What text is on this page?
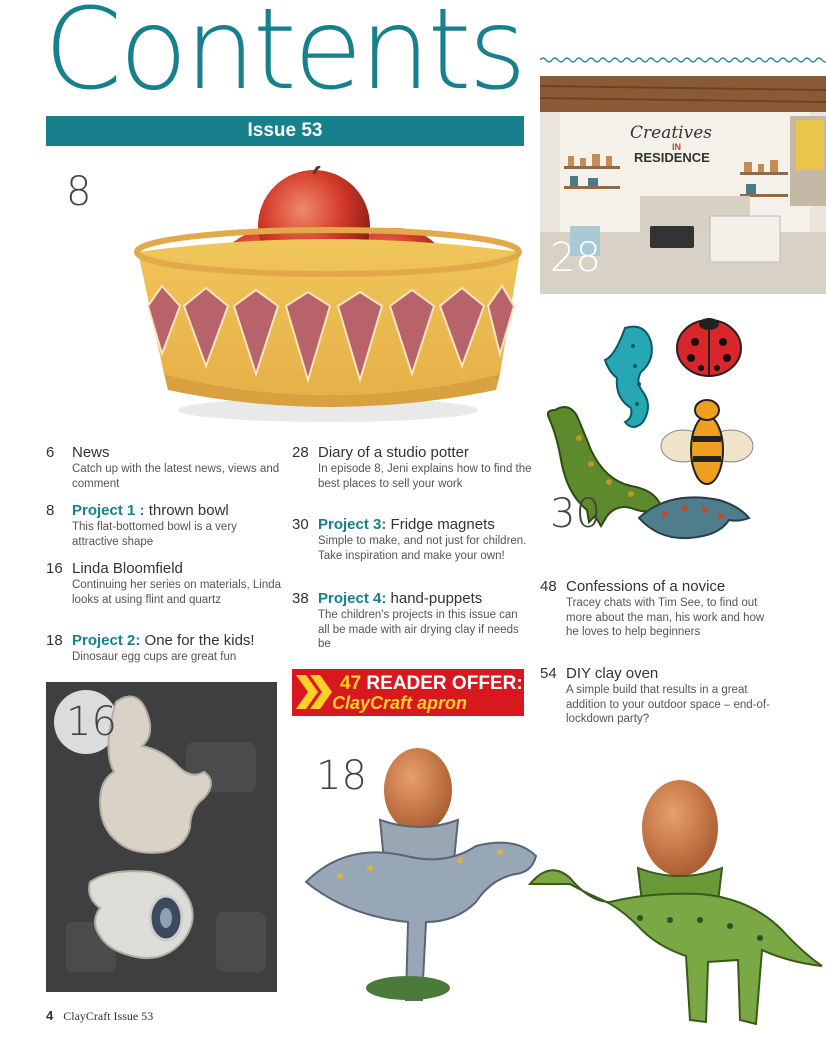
Contents
Issue 53
8
Creatives
IN
RESIDENCE
28
30
6 News
Catch up with the latest news, views and comment
8 Project 1 : thrown bowl
This flat-bottomed bowl is a very attractive shape
16 Linda Bloomfield
Continuing her series on materials, Linda looks at using flint and quartz
18 Project 2: One for the kids!
Dinosaur egg cups are great fun
28 Diary of a studio potter
In episode 8, Jeni explains how to find the best places to sell your work
30 Project 3: Fridge magnets
Simple to make, and not just for children. Take inspiration and make your own!
38 Project 4: hand-puppets
The children's projects in this issue can all be made with air drying clay if needs be
48 Confessions of a novice
Tracey chats with Tim See, to find out more about the man, his work and how he loves to help beginners
54 DIY clay oven
A simple build that results in a great addition to your outdoor space – end-of-lockdown party?
47 READER OFFER:
ClayCraft apron
16
18
4 ClayCraft Issue 53
